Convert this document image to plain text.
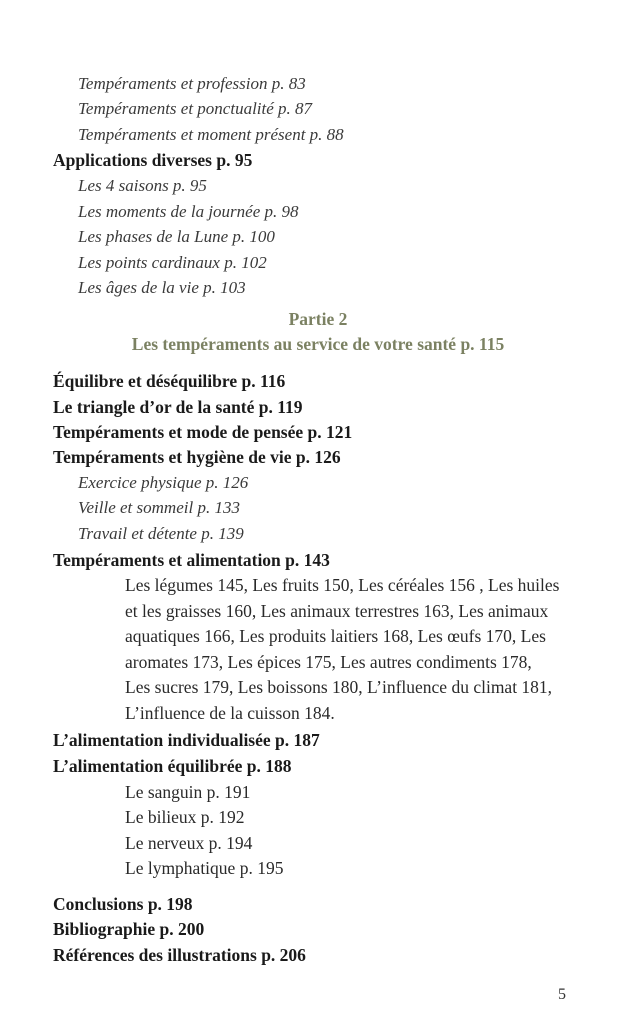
Tempéraments et profession p. 83
Tempéraments et ponctualité p. 87
Tempéraments et moment présent p. 88
Applications diverses p. 95
Les 4 saisons p. 95
Les moments de la journée p. 98
Les phases de la Lune p. 100
Les points cardinaux p. 102
Les âges de la vie p. 103
Partie 2
Les tempéraments au service de votre santé p. 115
Équilibre et déséquilibre p. 116
Le triangle d’or de la santé p. 119
Tempéraments et mode de pensée p. 121
Tempéraments et hygiène de vie p. 126
Exercice physique p. 126
Veille et sommeil p. 133
Travail et détente p. 139
Tempéraments et alimentation p. 143
Les légumes 145, Les fruits 150, Les céréales 156 , Les huiles
et les graisses 160, Les animaux terrestres 163, Les animaux
aquatiques 166, Les produits laitiers 168, Les œufs 170, Les
aromates 173, Les épices 175, Les autres condiments 178,
Les sucres 179, Les boissons 180, L’influence du climat 181,
L’influence de la cuisson 184.
L’alimentation individualisée p. 187
L’alimentation équilibrée p. 188
Le sanguin p. 191
Le bilieux p. 192
Le nerveux p. 194
Le lymphatique p. 195
Conclusions p. 198
Bibliographie p. 200
Références des illustrations p. 206
5
